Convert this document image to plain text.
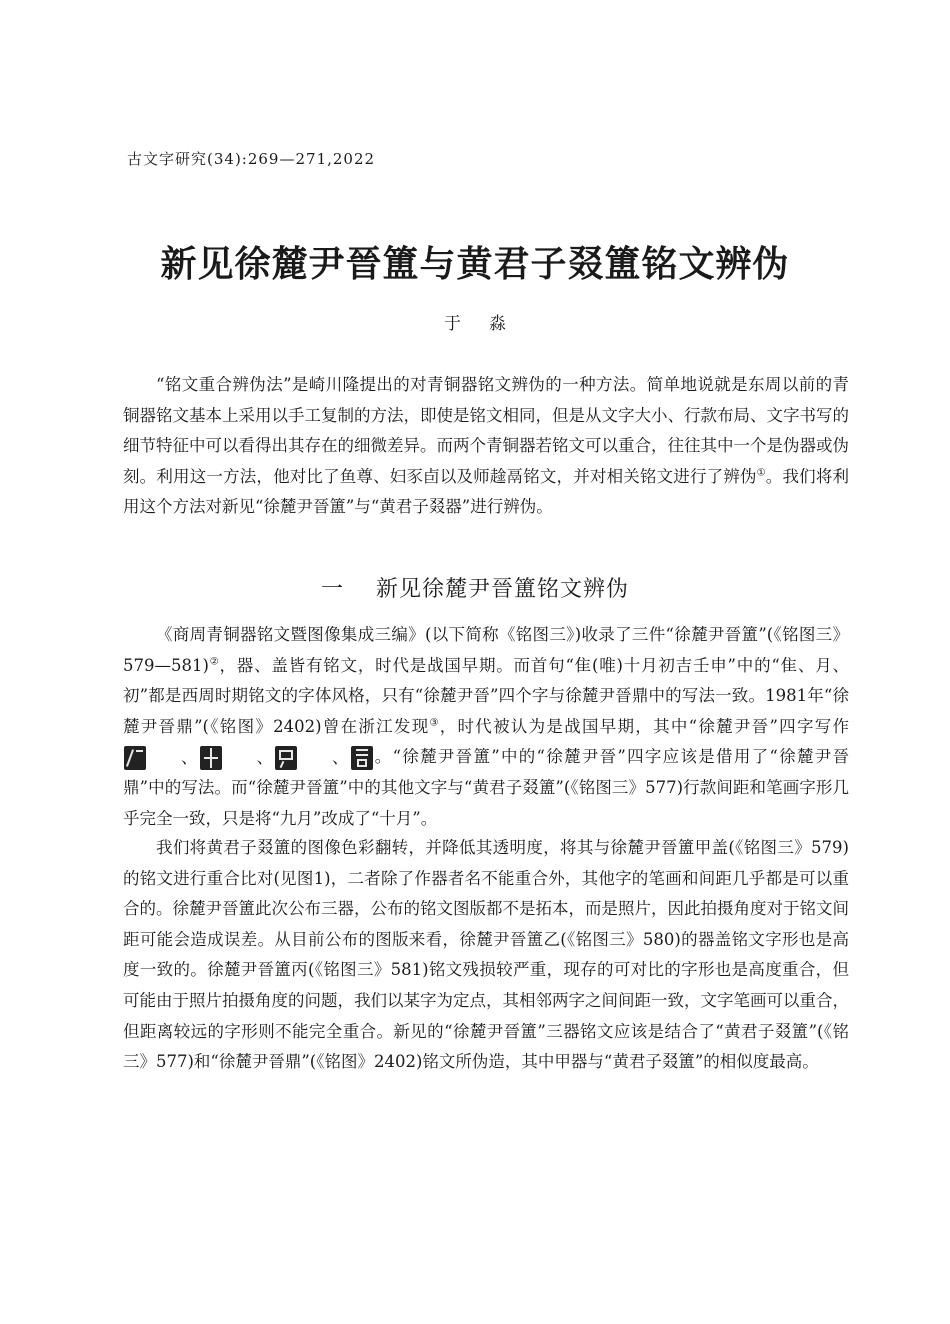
古文字研究(34):269—271,2022
新见徐麓尹晉簠与黄君子叕簠铭文辨伪
于淼

“铭文重合辨伪法”是崎川隆提出的对青铜器铭文辨伪的一种方法。简单地说就是东周以前的青铜器铭文基本上采用以手工复制的方法，即使是铭文相同，但是从文字大小、行款布局、文字书写的细节特征中可以看得出其存在的细微差异。而两个青铜器若铭文可以重合，往往其中一个是伪器或伪刻。利用这一方法，他对比了鱼尊、妇豕卣以及师趛鬲铭文，并对相关铭文进行了辨伪①。我们将利用这个方法对新见“徐麓尹晉簠”与“黄君子叕器”进行辨伪。

一 新见徐麓尹晉簠铭文辨伪

《商周青铜器铭文暨图像集成三编》(以下简称《铭图三》)收录了三件“徐麓尹晉簠”(《铭图三》579—581)②，器、盖皆有铭文，时代是战国早期。而首句“隹(唯)十月初吉壬申”中的“隹、月、初”都是西周时期铭文的字体风格，只有“徐麓尹晉”四个字与徐麓尹晉鼎中的写法一致。1981年“徐麓尹晉鼎”(《铭图》2402)曾在浙江发现③，时代被认为是战国早期，其中“徐麓尹晉”四字写作
、	、	、 。“徐麓尹晉簠”中的“徐麓尹晉”四字应该是借用了“徐麓尹晉鼎”中的写法。而“徐麓尹晉簠”中的其他文字与“黄君子叕簠”(《铭图三》577)行款间距和笔画字形几乎完全一致，只是将“九月”改成了“十月”。

我们将黄君子叕簠的图像色彩翻转，并降低其透明度，将其与徐麓尹晉簠甲盖(《铭图三》579)的铭文进行重合比对(见图1)，二者除了作器者名不能重合外，其他字的笔画和间距几乎都是可以重合的。徐麓尹晉簠此次公布三器，公布的铭文图版都不是拓本，而是照片，因此拍摄角度对于铭文间距可能会造成误差。从目前公布的图版来看，徐麓尹晉簠乙(《铭图三》580)的器盖铭文字形也是高度一致的。徐麓尹晉簠丙(《铭图三》581)铭文残损较严重，现存的可对比的字形也是高度重合，但可能由于照片拍摄角度的问题，我们以某字为定点，其相邻两字之间间距一致，文字笔画可以重合，但距离较远的字形则不能完全重合。新见的“徐麓尹晉簠”三器铭文应该是结合了“黄君子叕簠”(《铭三》577)和“徐麓尹晉鼎”(《铭图》2402)铭文所伪造，其中甲器与“黄君子叕簠”的相似度最高。
